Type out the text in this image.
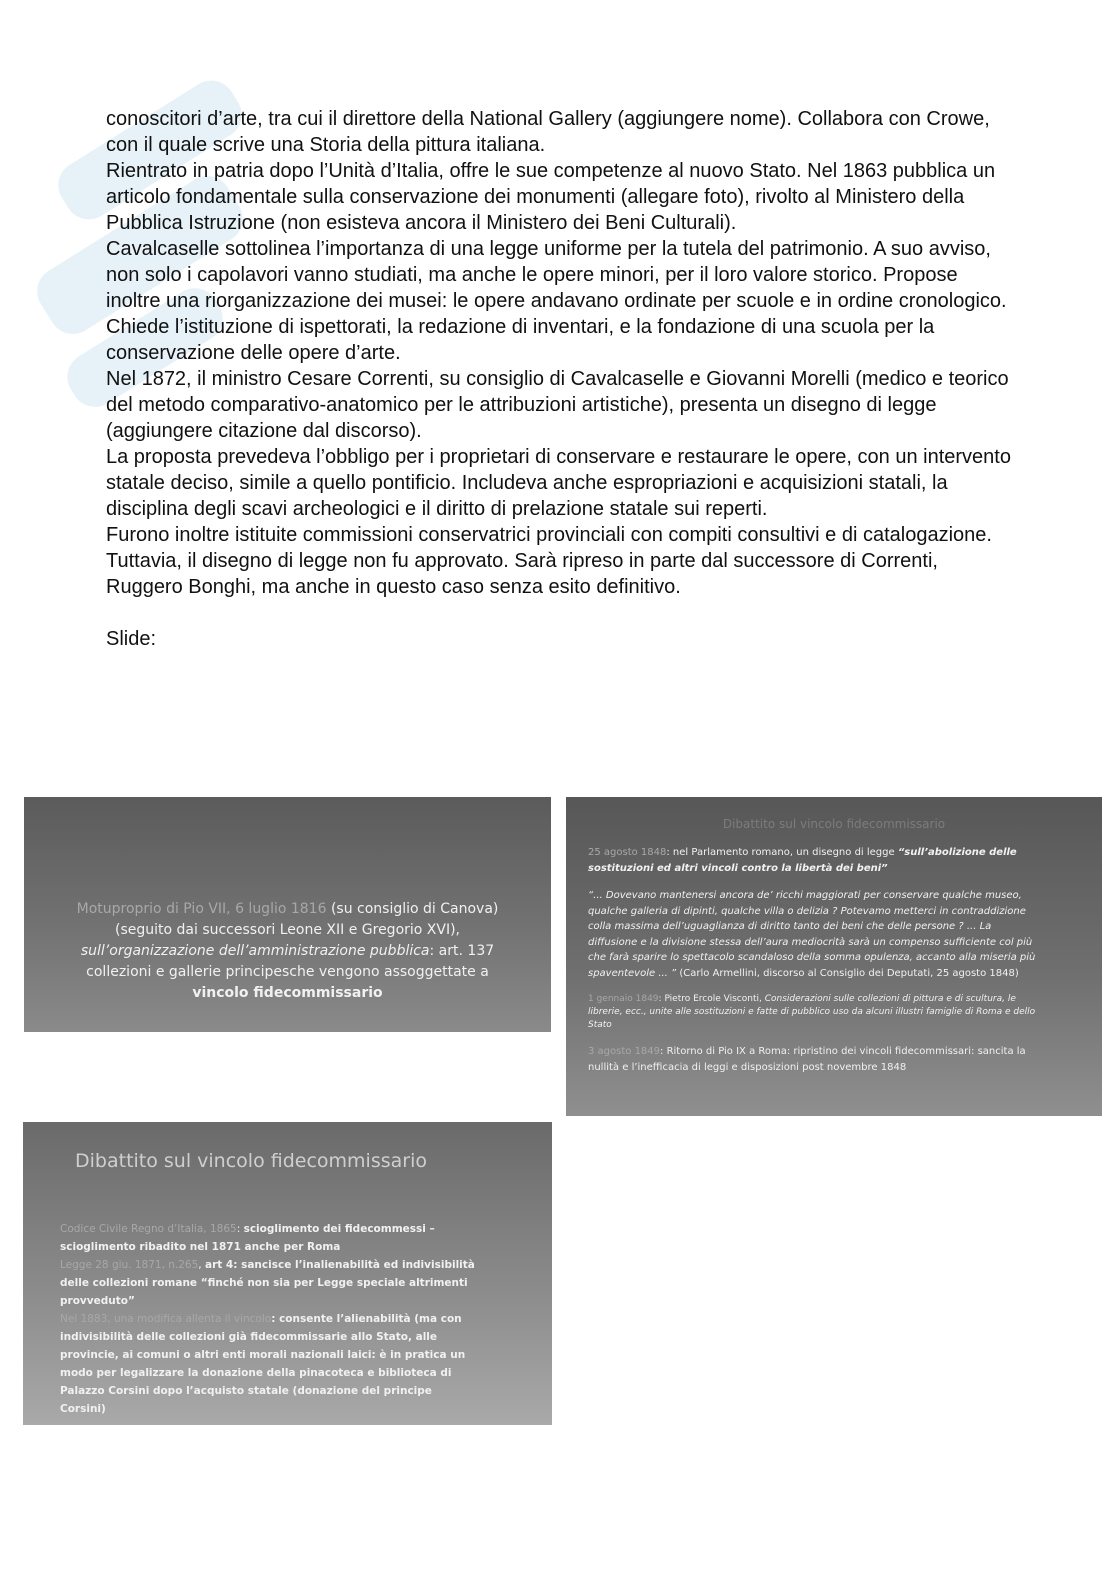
conoscitori d’arte, tra cui il direttore della National Gallery (aggiungere nome). Collabora con Crowe, con il quale scrive una Storia della pittura italiana.

Rientrato in patria dopo l’Unità d’Italia, offre le sue competenze al nuovo Stato. Nel 1863 pubblica un articolo fondamentale sulla conservazione dei monumenti (allegare foto), rivolto al Ministero della Pubblica Istruzione (non esisteva ancora il Ministero dei Beni Culturali).

Cavalcaselle sottolinea l’importanza di una legge uniforme per la tutela del patrimonio. A suo avviso, non solo i capolavori vanno studiati, ma anche le opere minori, per il loro valore storico. Propose inoltre una riorganizzazione dei musei: le opere andavano ordinate per scuole e in ordine cronologico.

Chiede l’istituzione di ispettorati, la redazione di inventari, e la fondazione di una scuola per la conservazione delle opere d’arte.

Nel 1872, il ministro Cesare Correnti, su consiglio di Cavalcaselle e Giovanni Morelli (medico e teorico del metodo comparativo-anatomico per le attribuzioni artistiche), presenta un disegno di legge (aggiungere citazione dal discorso).

La proposta prevedeva l’obbligo per i proprietari di conservare e restaurare le opere, con un intervento statale deciso, simile a quello pontificio. Includeva anche espropriazioni e acquisizioni statali, la disciplina degli scavi archeologici e il diritto di prelazione statale sui reperti.

Furono inoltre istituite commissioni conservatrici provinciali con compiti consultivi e di catalogazione.

Tuttavia, il disegno di legge non fu approvato. Sarà ripreso in parte dal successore di Correnti, Ruggero Bonghi, ma anche in questo caso senza esito definitivo.

Slide:

Motuproprio di Pio VII, 6 luglio 1816 (su consiglio di Canova) (seguito dai successori Leone XII e Gregorio XVI), sull’organizzazione dell’amministrazione pubblica: art. 137 collezioni e gallerie principesche vengono assoggettate a vincolo fidecommissario
Dibattito sul vincolo fidecommissario

25 agosto 1848: nel Parlamento romano, un disegno di legge “sull’abolizione delle sostituzioni ed altri vincoli contro la libertà dei beni”

“... Dovevano mantenersi ancora de’ ricchi maggiorati per conservare qualche museo, qualche galleria di dipinti, qualche villa o delizia ? Potevamo metterci in contraddizione colla massima dell’uguaglianza di diritto tanto dei beni che delle persone ? ... La diffusione e la divisione stessa dell’aura mediocrità sarà un compenso sufficiente col più che farà sparire lo spettacolo scandaloso della somma opulenza, accanto alla miseria più spaventevole ... ” (Carlo Armellini, discorso al Consiglio dei Deputati, 25 agosto 1848)

1 gennaio 1849: Pietro Ercole Visconti, Considerazioni sulle collezioni di pittura e di scultura, le librerie, ecc., unite alle sostituzioni e fatte di pubblico uso da alcuni illustri famiglie di Roma e dello Stato

3 agosto 1849: Ritorno di Pio IX a Roma: ripristino dei vincoli fidecommissari: sancita la nullità e l’inefficacia di leggi e disposizioni post novembre 1848

Dibattito sul vincolo fidecommissario

Codice Civile Regno d’Italia, 1865: scioglimento dei fidecommessi – scioglimento ribadito nel 1871 anche per Roma

Legge 28 giu. 1871, n.265, art 4: sancisce l’inalienabilità ed indivisibilità delle collezioni romane “finché non sia per Legge speciale altrimenti provveduto”

Nel 1883, una modifica allenta il vincolo: consente l’alienabilità (ma con indivisibilità delle collezioni già fidecommissarie allo Stato, alle provincie, ai comuni o altri enti morali nazionali laici: è in pratica un modo per legalizzare la donazione della pinacoteca e biblioteca di Palazzo Corsini dopo l’acquisto statale (donazione del principe Corsini)
